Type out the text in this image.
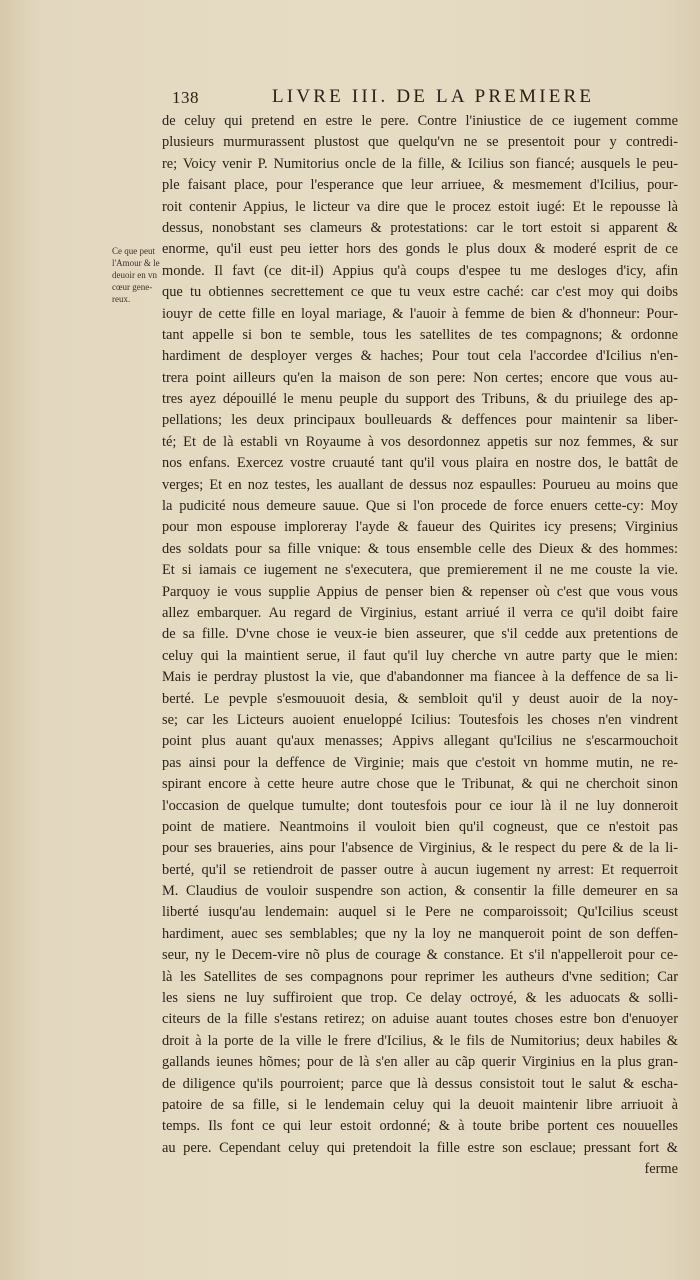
138	LIVRE III. DE LA PREMIERE
Ce que peut
l'Amour & le
deuoir en vn
cœur gene-
reux.
de celuy qui pretend en estre le pere. Contre l'iniustice de ce iugement comme
plusieurs murmurassent plustost que quelqu'vn ne se presentoit pour y contredi-
re; Voicy venir P. Numitorius oncle de la fille, & Icilius son fiancé; ausquels le peu-
ple faisant place, pour l'esperance que leur arriuee, & mesmement d'Icilius, pour-
roit contenir Appius, le licteur va dire que le procez estoit iugé: Et le repousse là
dessus, nonobstant ses clameurs & protestations: car le tort estoit si apparent &
enorme, qu'il eust peu ietter hors des gonds le plus doux & moderé esprit de ce
monde. Il favt (ce dit-il) Appius qu'à coups d'espee tu me desloges d'icy, afin
que tu obtiennes secrettement ce que tu veux estre caché: car c'est moy qui doibs
iouyr de cette fille en loyal mariage, & l'auoir à femme de bien & d'honneur: Pour-
tant appelle si bon te semble, tous les satellites de tes compagnons; & ordonne
hardiment de desployer verges & haches; Pour tout cela l'accordee d'Icilius n'en-
trera point ailleurs qu'en la maison de son pere: Non certes; encore que vous au-
tres ayez dépouillé le menu peuple du support des Tribuns, & du priuilege des ap-
pellations; les deux principaux boulleuards & deffences pour maintenir sa liber-
té; Et de là establi vn Royaume à vos desordonnez appetis sur noz femmes, & sur
nos enfans. Exercez vostre cruauté tant qu'il vous plaira en nostre dos, le battât de
verges; Et en noz testes, les auallant de dessus noz espaulles: Pourueu au moins que
la pudicité nous demeure sauue. Que si l'on procede de force enuers cette-cy: Moy
pour mon espouse imploreray l'ayde & faueur des Quirites icy presens; Virginius
des soldats pour sa fille vnique: & tous ensemble celle des Dieux & des hommes:
Et si iamais ce iugement ne s'executera, que premierement il ne me couste la vie.
Parquoy ie vous supplie Appius de penser bien & repenser où c'est que vous vous
allez embarquer. Au regard de Virginius, estant arriué il verra ce qu'il doibt faire
de sa fille. D'vne chose ie veux-ie bien asseurer, que s'il cedde aux pretentions de
celuy qui la maintient serue, il faut qu'il luy cherche vn autre party que le mien:
Mais ie perdray plustost la vie, que d'abandonner ma fiancee à la deffence de sa li-
berté. Le pevple s'esmouuoit desia, & sembloit qu'il y deust auoir de la noy-
se; car les Licteurs auoient enueloppé Icilius: Toutesfois les choses n'en vindrent
point plus auant qu'aux menasses; Appivs allegant qu'Icilius ne s'escarmouchoit
pas ainsi pour la deffence de Virginie; mais que c'estoit vn homme mutin, ne re-
spirant encore à cette heure autre chose que le Tribunat, & qui ne cherchoit sinon
l'occasion de quelque tumulte; dont toutesfois pour ce iour là il ne luy donneroit
point de matiere. Neantmoins il vouloit bien qu'il cogneust, que ce n'estoit pas
pour ses braueries, ains pour l'absence de Virginius, & le respect du pere & de la li-
berté, qu'il se retiendroit de passer outre à aucun iugement ny arrest: Et requerroit
M. Claudius de vouloir suspendre son action, & consentir la fille demeurer en sa
liberté iusqu'au lendemain: auquel si le Pere ne comparoissoit; Qu'Icilius sceust
hardiment, auec ses semblables; que ny la loy ne manqueroit point de son deffen-
seur, ny le Decem-vire nõ plus de courage & constance. Et s'il n'appelleroit pour ce-
là les Satellites de ses compagnons pour reprimer les autheurs d'vne sedition; Car
les siens ne luy suffiroient que trop. Ce delay octroyé, & les aduocats & solli-
citeurs de la fille s'estans retirez; on aduise auant toutes choses estre bon d'enuoyer
droit à la porte de la ville le frere d'Icilius, & le fils de Numitorius; deux habiles &
gallands ieunes hõmes; pour de là s'en aller au cãp querir Virginius en la plus gran-
de diligence qu'ils pourroient; parce que là dessus consistoit tout le salut & escha-
patoire de sa fille, si le lendemain celuy qui la deuoit maintenir libre arriuoit à
temps. Ils font ce qui leur estoit ordonné; & à toute bribe portent ces nouuelles
au pere. Cependant celuy qui pretendoit la fille estre son esclaue; pressant fort &
ferme
